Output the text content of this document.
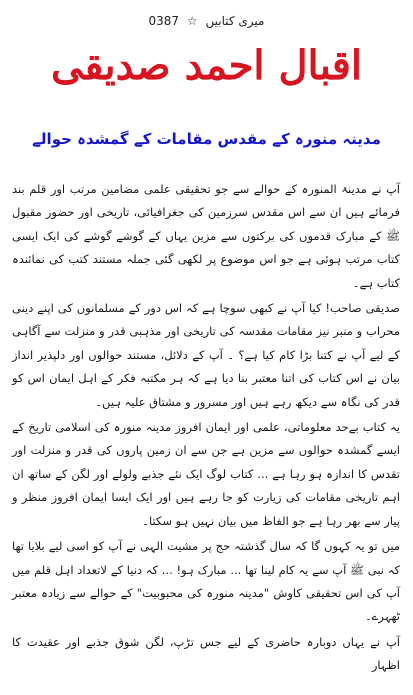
0387 ☆ میری کتابیں
اقبال احمد صدیقی
مدینہ منورہ کے مقدس مقامات کے گمشدہ حوالے

آپ نے مدینۃ المنورہ کے حوالے سے جو تحقیقی علمی مضامین مرتب اور قلم بند فرمائے ہیں ان سے اس مقدس سرزمین کی جغرافیائی، تاریخی اور حضور مقبول ﷺ کے مبارک قدموں کی برکتوں سے مزین یہاں کے گوشے گوشے کی ایک ایسی کتاب مرتب ہوئی ہے جو اس موضوع پر لکھی گئی جملہ مستند کتب کی نمائندہ کتاب ہے۔

صدیقی صاحب! کیا آپ نے کبھی سوچا ہے کہ اس دور کے مسلمانوں کی اپنے دینی محراب و منبر نیز مقامات مقدسہ کی تاریخی اور مذہبی قدر و منزلت سے آگاہی کے لیے آپ نے کتنا بڑا کام کیا ہے؟ ۔ آپ کے دلائل، مستند حوالوں اور دلپذیر انداز بیان نے اس کتاب کی اتنا معتبر بنا دیا ہے کہ ہر مکتبہ فکر کے اہل ایمان اس کو قدر کی نگاہ سے دیکھ رہے ہیں اور مسرور و مشتاق علیہ ہیں۔

یہ کتاب بےحد معلوماتی، علمی اور ایمان افروز مدینہ منورہ کی اسلامی تاریخ کے ایسے گمشدہ حوالوں سے مزین ہے جن سے ان زمین پاروں کی قدر و منزلت اور تقدس کا اندازہ ہو رہا ہے ... کتاب لوگ ایک نئے جذبے ولولے اور لگن کے ساتھ ان اہم تاریخی مقامات کی زیارت کو جا رہے ہیں اور ایک ایسا ایمان افروز منظر و پیار سے بھر رہا ہے جو الفاظ میں بیان نہیں ہو سکتا۔

میں تو یہ کہوں گا کہ سال گذشتہ حج پر مشیت الہی نے آپ کو اسی لیے بلایا تھا کہ نبی ﷺ آپ سے یہ کام لینا تھا ... مبارک ہو! ... کہ دنیا کے لاتعداد اہل قلم میں آپ کی اس تحقیقی کاوش "مدینہ منورہ کی محبوبیت" کے حوالے سے زیادہ معتبر ٹھہرے۔

آپ نے یہاں دوبارہ حاضری کے لیے جس تڑپ، لگن شوق جذبے اور عقیدت کا اظہار
